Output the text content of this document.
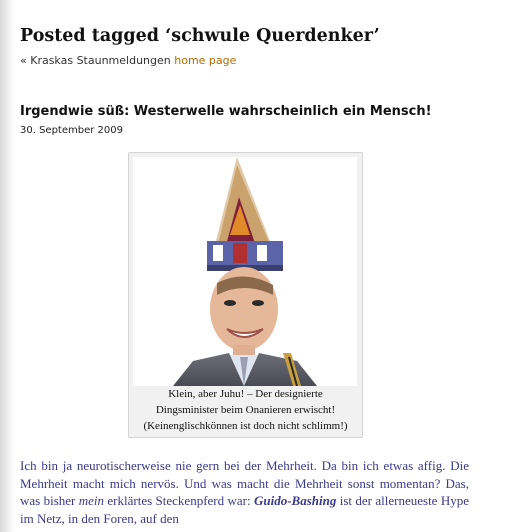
Posted tagged ‘schwule Querdenker’
« Kraskas Staunmeldungen home page
Irgendwie süß: Westerwelle wahrscheinlich ein Mensch!
30. September 2009
Klein, aber Juhu! – Der designierte
Dingsminister beim Onanieren erwischt!
(Keinenglischkönnen ist doch nicht schlimm!)

Ich bin ja neurotischerweise nie gern bei der Mehrheit. Da bin ich etwas affig. Die Mehrheit macht mich nervös. Und was macht die Mehrheit sonst momentan? Das, was bisher mein erklärtes Steckenpferd war: Guido-Bashing ist der allerneueste Hype im Netz, in den Foren, auf den
